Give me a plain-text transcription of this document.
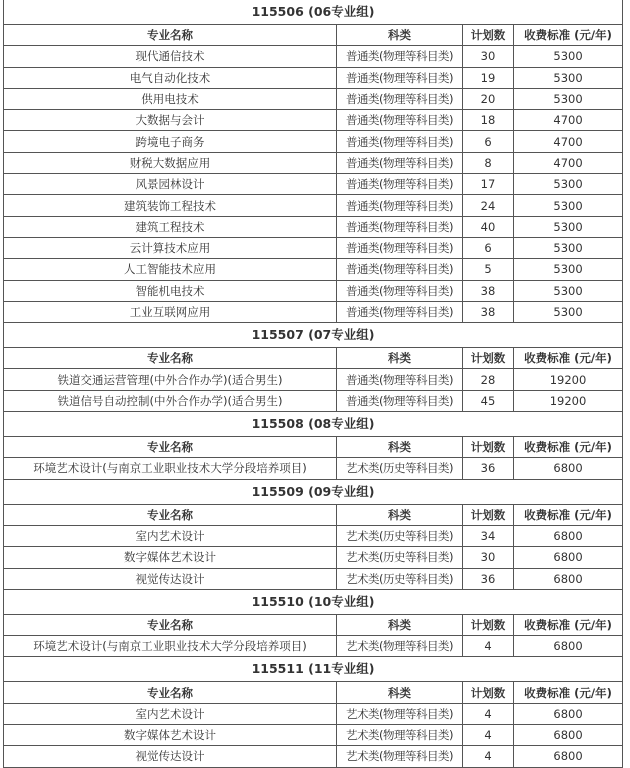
115506 (06专业组)			
专业名称	科类	计划数	收费标准 (元/年)
现代通信技术	普通类(物理等科目类)	30	5300
电气自动化技术	普通类(物理等科目类)	19	5300
供用电技术	普通类(物理等科目类)	20	5300
大数据与会计	普通类(物理等科目类)	18	4700
跨境电子商务	普通类(物理等科目类)	6	4700
财税大数据应用	普通类(物理等科目类)	8	4700
风景园林设计	普通类(物理等科目类)	17	5300
建筑装饰工程技术	普通类(物理等科目类)	24	5300
建筑工程技术	普通类(物理等科目类)	40	5300
云计算技术应用	普通类(物理等科目类)	6	5300
人工智能技术应用	普通类(物理等科目类)	5	5300
智能机电技术	普通类(物理等科目类)	38	5300
工业互联网应用	普通类(物理等科目类)	38	5300
115507 (07专业组)			
专业名称	科类	计划数	收费标准 (元/年)
铁道交通运营管理(中外合作办学)(适合男生)	普通类(物理等科目类)	28	19200
铁道信号自动控制(中外合作办学)(适合男生)	普通类(物理等科目类)	45	19200
115508 (08专业组)			
专业名称	科类	计划数	收费标准 (元/年)
环境艺术设计(与南京工业职业技术大学分段培养项目)	艺术类(历史等科目类)	36	6800
115509 (09专业组)			
专业名称	科类	计划数	收费标准 (元/年)
室内艺术设计	艺术类(历史等科目类)	34	6800
数字媒体艺术设计	艺术类(历史等科目类)	30	6800
视觉传达设计	艺术类(历史等科目类)	36	6800
115510 (10专业组)			
专业名称	科类	计划数	收费标准 (元/年)
环境艺术设计(与南京工业职业技术大学分段培养项目)	艺术类(物理等科目类)	4	6800
115511 (11专业组)			
专业名称	科类	计划数	收费标准 (元/年)
室内艺术设计	艺术类(物理等科目类)	4	6800
数字媒体艺术设计	艺术类(物理等科目类)	4	6800
视觉传达设计	艺术类(物理等科目类)	4	6800
